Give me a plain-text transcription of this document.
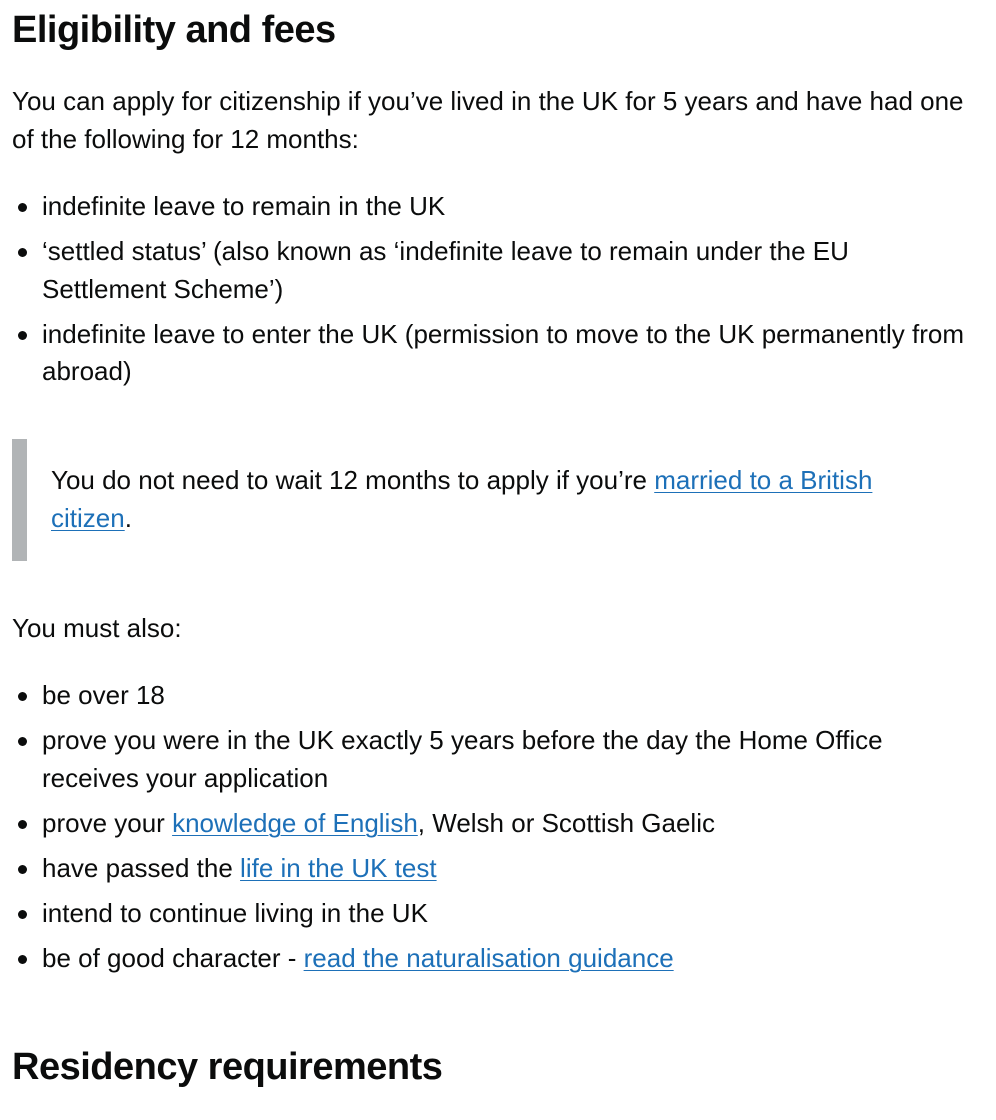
Eligibility and fees

You can apply for citizenship if you’ve lived in the UK for 5 years and have had one of the following for 12 months:

indefinite leave to remain in the UK
‘settled status’ (also known as ‘indefinite leave to remain under the EU Settlement Scheme’)
indefinite leave to enter the UK (permission to move to the UK permanently from abroad)

You do not need to wait 12 months to apply if you’re married to a British citizen.

You must also:

be over 18
prove you were in the UK exactly 5 years before the day the Home Office receives your application
prove your knowledge of English, Welsh or Scottish Gaelic
have passed the life in the UK test
intend to continue living in the UK
be of good character - read the naturalisation guidance
Residency requirements
